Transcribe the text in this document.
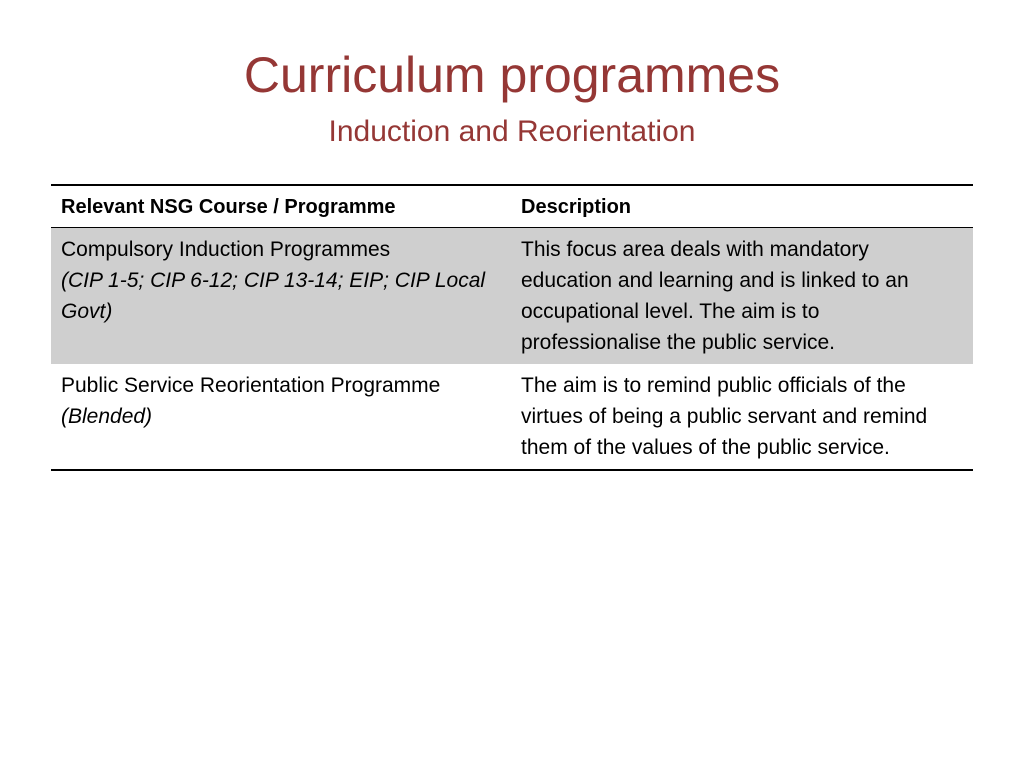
Curriculum programmes
Induction and Reorientation
Relevant NSG Course / Programme	Description

Compulsory Induction Programmes
(CIP 1-5; CIP 6-12; CIP 13-14; EIP; CIP Local Govt)	This focus area deals with mandatory education and learning and is linked to an occupational level. The aim is to professionalise the public service.

Public Service Reorientation Programme
(Blended)	The aim is to remind public officials of the virtues of being a public servant and remind them of the values of the public service.
